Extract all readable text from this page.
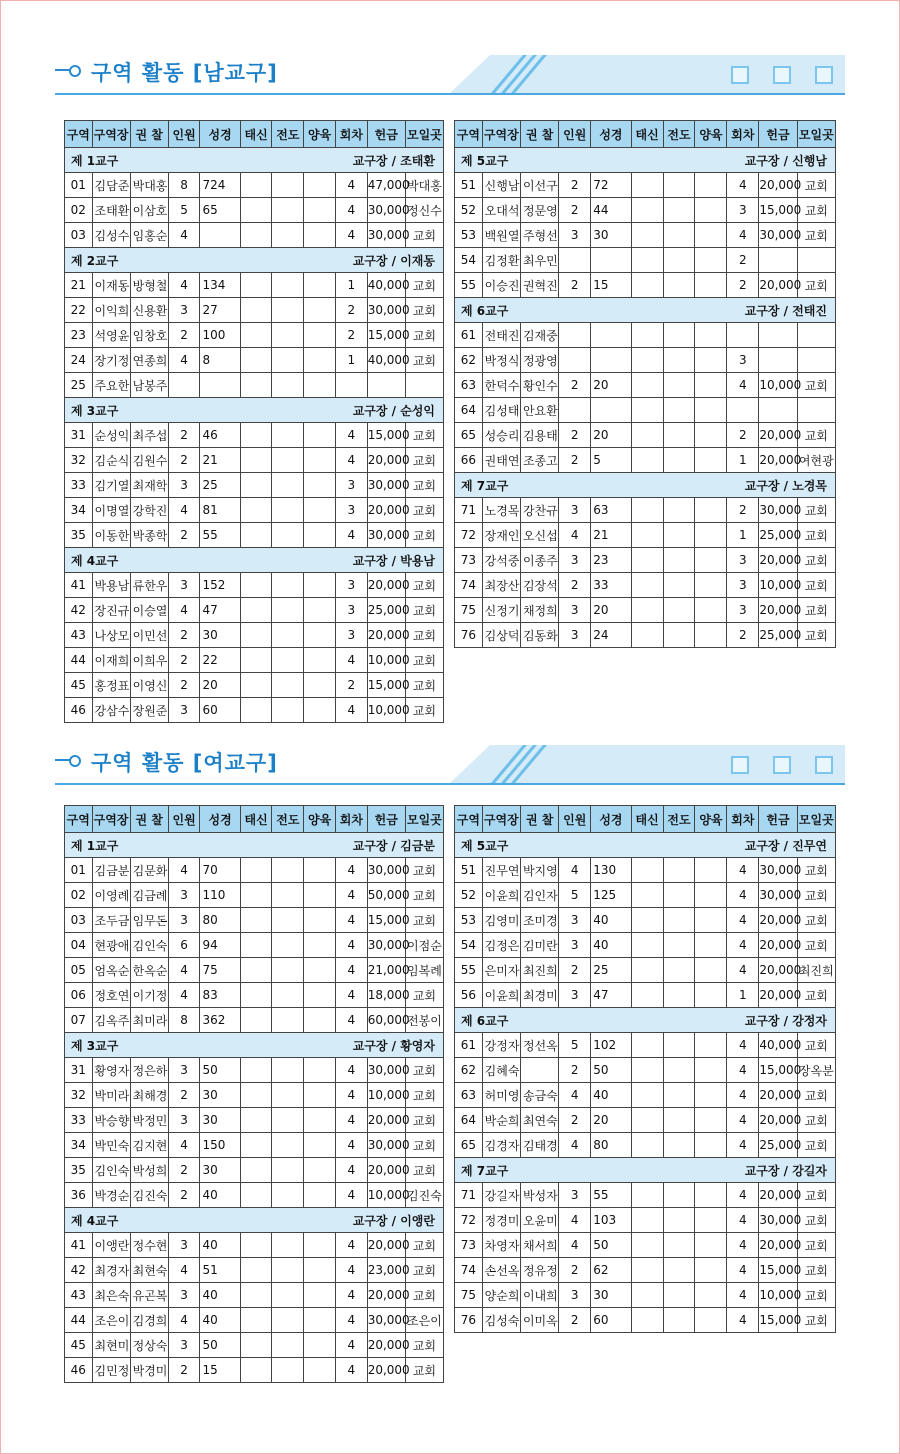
구역 활동 [남교구]
구역 활동 [여교구]
구역	구역장	권 찰	인원	성경	태신	전도	양육	회차	헌금	모일곳

제 1교구 교구장 / 조태환										

01	김담준	박대홍	8	724				4	47,000	박대홍
02	조태환	이삼호	5	65				4	30,000	정신수
03	김성수	임홍순	4					4	30,000	교회

제 2교구 교구장 / 이재동										

21	이재동	방형철	4	134				1	40,000	교회
22	이익희	신용환	3	27				2	30,000	교회
23	석영윤	임창호	2	100				2	15,000	교회
24	장기정	연종희	4	8				1	40,000	교회
25	주요한	남봉주								

제 3교구 교구장 / 순성익										

31	순성익	최주섭	2	46				4	15,000	교회
32	김순식	김원수	2	21				4	20,000	교회
33	김기열	최재학	3	25				3	30,000	교회
34	이명열	강학진	4	81				3	20,000	교회
35	이동한	박종학	2	55				4	30,000	교회

제 4교구 교구장 / 박용남										

41	박용남	류한우	3	152				3	20,000	교회
42	장진규	이승열	4	47				3	25,000	교회
43	나상모	이민선	2	30				3	20,000	교회
44	이재희	이희우	2	22				4	10,000	교회
45	홍정표	이영신	2	20				2	15,000	교회
46	강삼수	장원준	3	60				4	10,000	교회
구역	구역장	권 찰	인원	성경	태신	전도	양육	회차	헌금	모일곳

제 5교구 교구장 / 신행남										

51	신행남	이선구	2	72				4	20,000	교회
52	오대석	정문영	2	44				3	15,000	교회
53	백원열	주형선	3	30				4	30,000	교회
54	김정환	최우민						2		
55	이승진	권혁진	2	15				2	20,000	교회

제 6교구 교구장 / 전태진										

61	전태진	김재중								
62	박정식	정광영						3		
63	한덕수	황인수	2	20				4	10,000	교회
64	김성태	안요환								
65	성승리	김용태	2	20				2	20,000	교회
66	권태연	조종고	2	5				1	20,000	여현광

제 7교구 교구장 / 노경목										

71	노경목	강찬규	3	63				2	30,000	교회
72	장재인	오신섭	4	21				1	25,000	교회
73	강석중	이종주	3	23				3	20,000	교회
74	최장산	김장석	2	33				3	10,000	교회
75	신정기	채정희	3	20				3	20,000	교회
76	김상덕	김동화	3	24				2	25,000	교회
구역	구역장	권 찰	인원	성경	태신	전도	양육	회차	헌금	모일곳

제 1교구 교구장 / 김금분										

01	김금분	김문화	4	70				4	30,000	교회
02	이영례	김금례	3	110				4	50,000	교회
03	조두금	임무돈	3	80				4	15,000	교회
04	현광애	김인숙	6	94				4	30,000	이점순
05	엄옥순	한옥순	4	75				4	21,000	임복례
06	정호연	이기정	4	83				4	18,000	교회
07	김옥주	최미라	8	362				4	60,000	전봉이

제 3교구 교구장 / 황영자										

31	황영자	정은하	3	50				4	30,000	교회
32	박미라	최해경	2	30				4	10,000	교회
33	박승향	박정민	3	30				4	20,000	교회
34	박민숙	김지현	4	150				4	30,000	교회
35	김인숙	박성희	2	30				4	20,000	교회
36	박경순	김진숙	2	40				4	10,000	김진숙

제 4교구 교구장 / 이앵란										

41	이앵란	정수현	3	40				4	20,000	교회
42	최경자	최현숙	4	51				4	23,000	교회
43	최은숙	유곤복	3	40				4	20,000	교회
44	조은이	김경희	4	40				4	30,000	조은이
45	최현미	정상숙	3	50				4	20,000	교회
46	김민정	박경미	2	15				4	20,000	교회
구역	구역장	권 찰	인원	성경	태신	전도	양육	회차	헌금	모일곳

제 5교구 교구장 / 진무연										

51	진무연	박지영	4	130				4	30,000	교회
52	이윤희	김인자	5	125				4	30,000	교회
53	김영미	조미경	3	40				4	20,000	교회
54	김정은	김미란	3	40				4	20,000	교회
55	은미자	최진희	2	25				4	20,000	최진희
56	이윤희	최경미	3	47				1	20,000	교회

제 6교구 교구장 / 강정자										

61	강정자	정선옥	5	102				4	40,000	교회
62	김혜숙		2	50				4	15,000	장옥분
63	허미영	송금숙	4	40				4	20,000	교회
64	박순희	최연숙	2	20				4	20,000	교회
65	김경자	김태경	4	80				4	25,000	교회

제 7교구 교구장 / 강길자										

71	강길자	박성자	3	55				4	20,000	교회
72	정경미	오윤미	4	103				4	30,000	교회
73	차영자	채서희	4	50				4	20,000	교회
74	손선옥	정유정	2	62				4	15,000	교회
75	양순희	이내희	3	30				4	10,000	교회
76	김성숙	이미옥	2	60				4	15,000	교회
